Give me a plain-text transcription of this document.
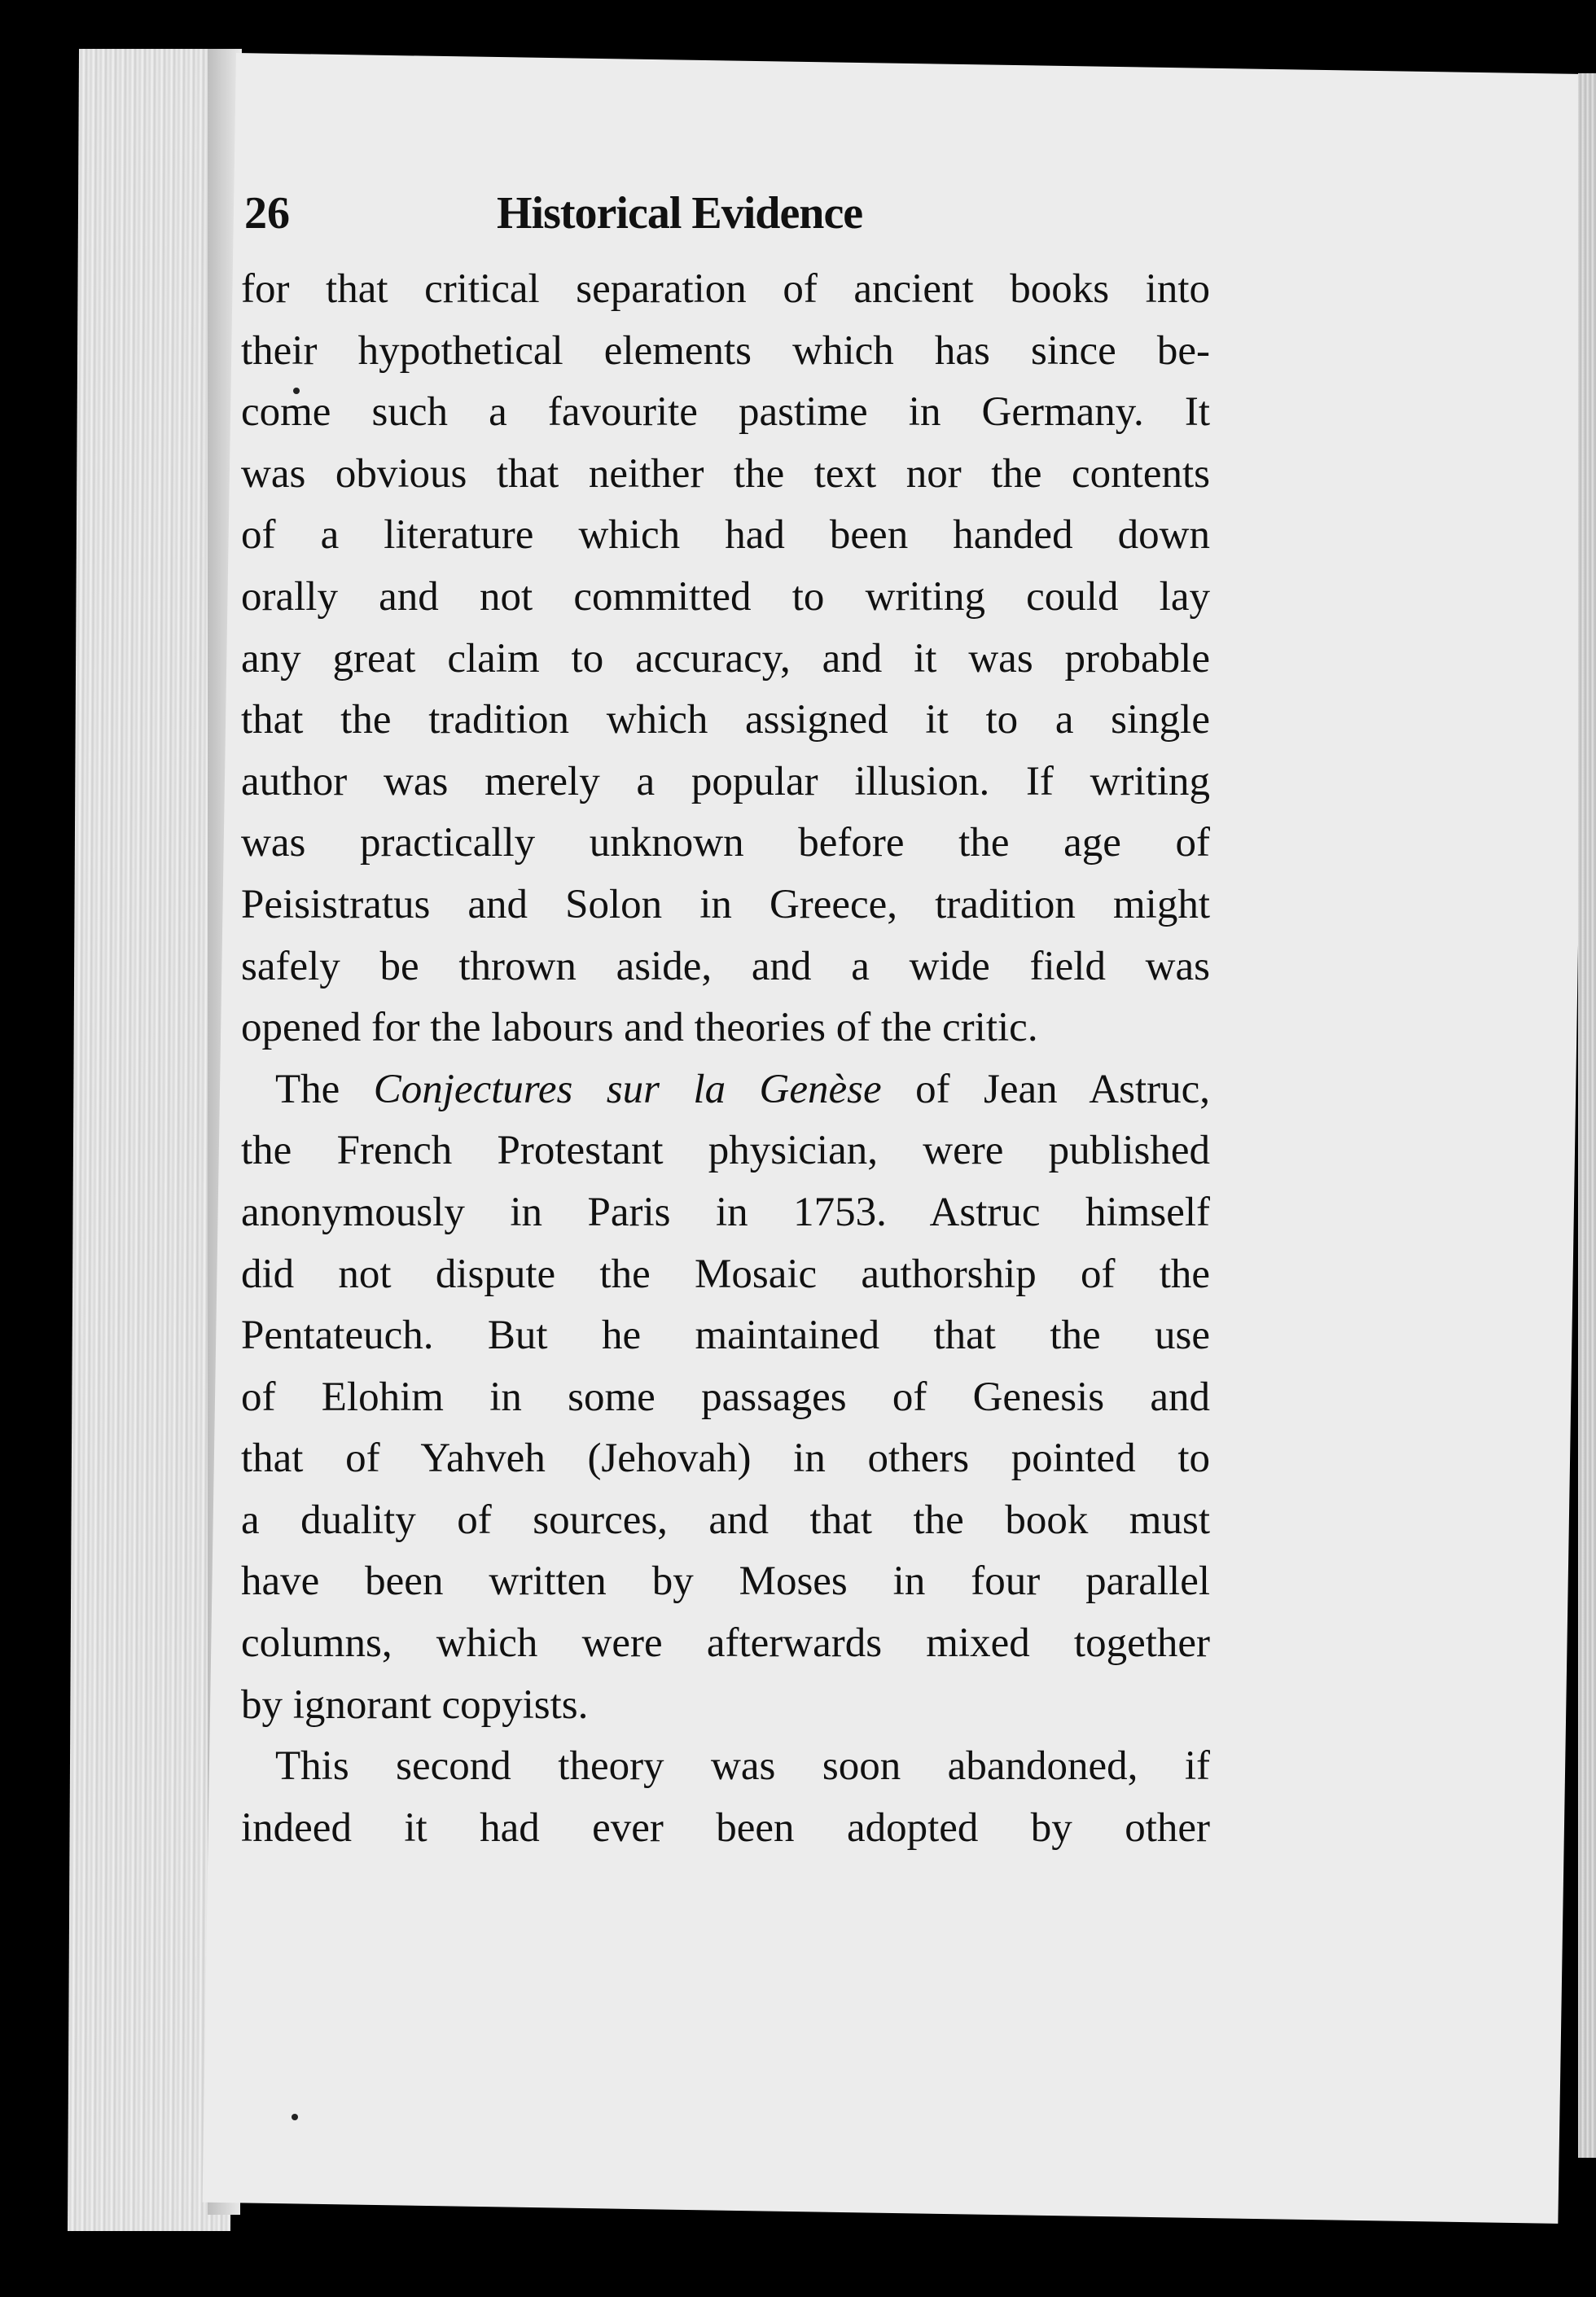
26	Historical Evidence
for that critical separation of ancient books into
their hypothetical elements which has since be-
come such a favourite pastime in Germany. It
was obvious that neither the text nor the contents
of a literature which had been handed down
orally and not committed to writing could lay
any great claim to accuracy, and it was probable
that the tradition which assigned it to a single
author was merely a popular illusion. If writing
was practically unknown before the age of
Peisistratus and Solon in Greece, tradition might
safely be thrown aside, and a wide field was
opened for the labours and theories of the critic.
The Conjectures sur la Genèse of Jean Astruc,
the French Protestant physician, were published
anonymously in Paris in 1753. Astruc himself
did not dispute the Mosaic authorship of the
Pentateuch. But he maintained that the use
of Elohim in some passages of Genesis and
that of Yahveh (Jehovah) in others pointed to
a duality of sources, and that the book must
have been written by Moses in four parallel
columns, which were afterwards mixed together
by ignorant copyists.
This second theory was soon abandoned, if
indeed it had ever been adopted by other
